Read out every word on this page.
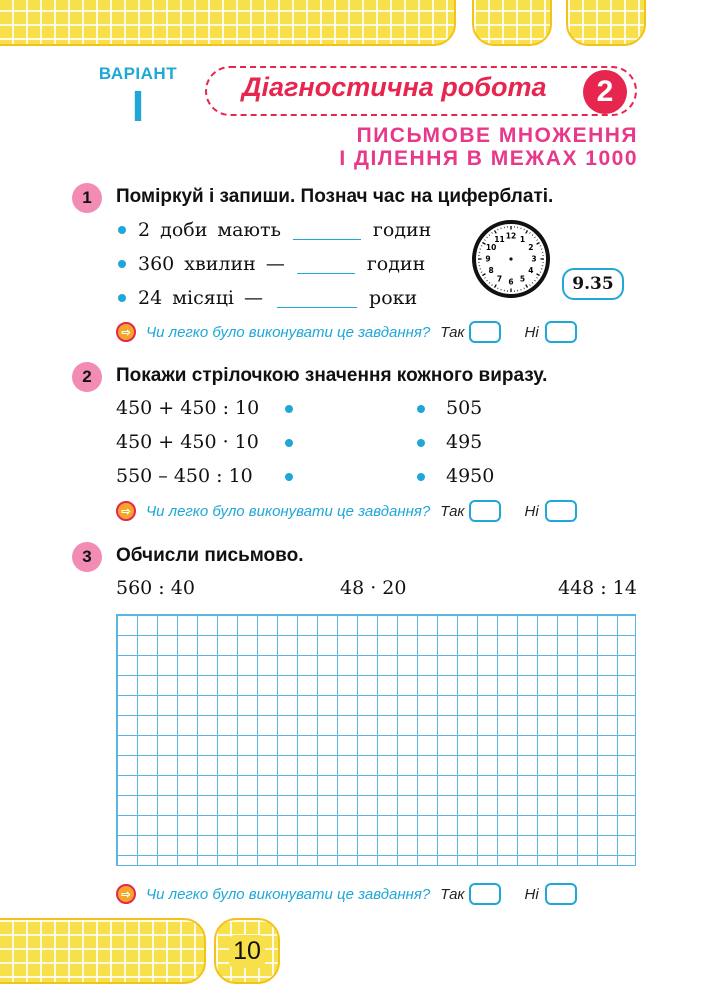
10
ВАРІАНТ
I	Діагностична робота	2
ПИСЬМОВЕ МНОЖЕННЯ
І ДІЛЕННЯ В МЕЖАХ 1000
1	Поміркуй і запиши. Познач час на циферблаті.
2 доби мають	годин
360 хвилин —	годин
24 місяці —	роки
12 1
2
3
4
5
6
7
8
9
10
11
9.35
⇨	Чи легко було виконувати це завдання? Так	Ні
2	Покажи стрілочкою значення кожного виразу.
450 + 450 : 10
450 + 450 · 10
550 – 450 : 10
505
495
4950
⇨	Чи легко було виконувати це завдання? Так	Ні
3	Обчисли письмово.
560 : 40	48 · 20	448 : 14
⇨	Чи легко було виконувати це завдання? Так	Ні
